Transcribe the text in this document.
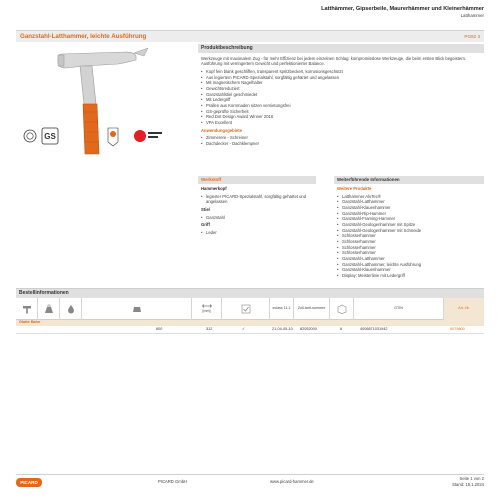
Latthämmer, Gipserbeile, Maurerhämmer und Kleinerhämmer
Latthammer
Ganzstahl-Latthammer, leichte Ausführung	PG92 3
GS
Produktbeschreibung
Werkzeuge mit maximalem Zug - für mehr Effizienz bei jedem einzelnen Schlag; kompromisslose Werkzeuge, die beim ersten Blick begeistern. Ausführung mit verringertem Gewicht und perfektionierter Balance.
• Kopf fein blank geschliffen, transparent spritzbeckert, korrosionsgeschützt
• Aus legiertem PICARD-Spezialstahl, sorgfältig gehärtet und angelassen
• Mit magnetischem Nagelhalter
• Gewichtsreduziert
• Ganzstahlstiel geschmiedet
• Mit Ledergriff
• Prallen aus Kornmaden sitzen vernietungsfrei
• GS-geprüfte Sicherheit
• Red Dot Design Award Winner 2016
• VPA Excellent
Anwendungsgebiete
• Zimmerere - Schreiner
• Dachdecker - Dachklempner
Werkstoff
Hammerkopf
• legierter PICARD-Spezialstahl, sorgfältig gehärtet und angelassen
Stiel
• Ganzstahl
Griff
• Leder
Weiterführende Informationen
Weitere Produkte
• Latthammer AluTec®
• Ganzstahl-Latthammer
• Ganzstahl-Klauenhammer
• Ganzstahl-Rip-Hammer
• Ganzstahl-Framing-Hammer
• Ganzstahl-Geologenhammer mit Spitze
• Ganzstahl-Geologenhammer mit Schneide
• Schlosserhammer
• Schlosserhammer
• Schlosserhammer
• Schlosserhammer
• Ganzstahl-Latthammer
• Ganzstahl-Latthammer, leichte Ausführung
• Ganzstahl-Klauenhammer
• Display: Meisterlinie mit Ledergriff
Bestellinformationen
[mm]
eclass 11.1 Zoll-tarif-nummer	GTIN	Art.-Nr.
Glatte Bahn
600	312	✓	21-04-05-10 82052000	6	4006871031942	0079800
PICARD	PICARD GmbH	www.picard-hammer.de
Seite 1 von 2
Stand: 15.1.2024
